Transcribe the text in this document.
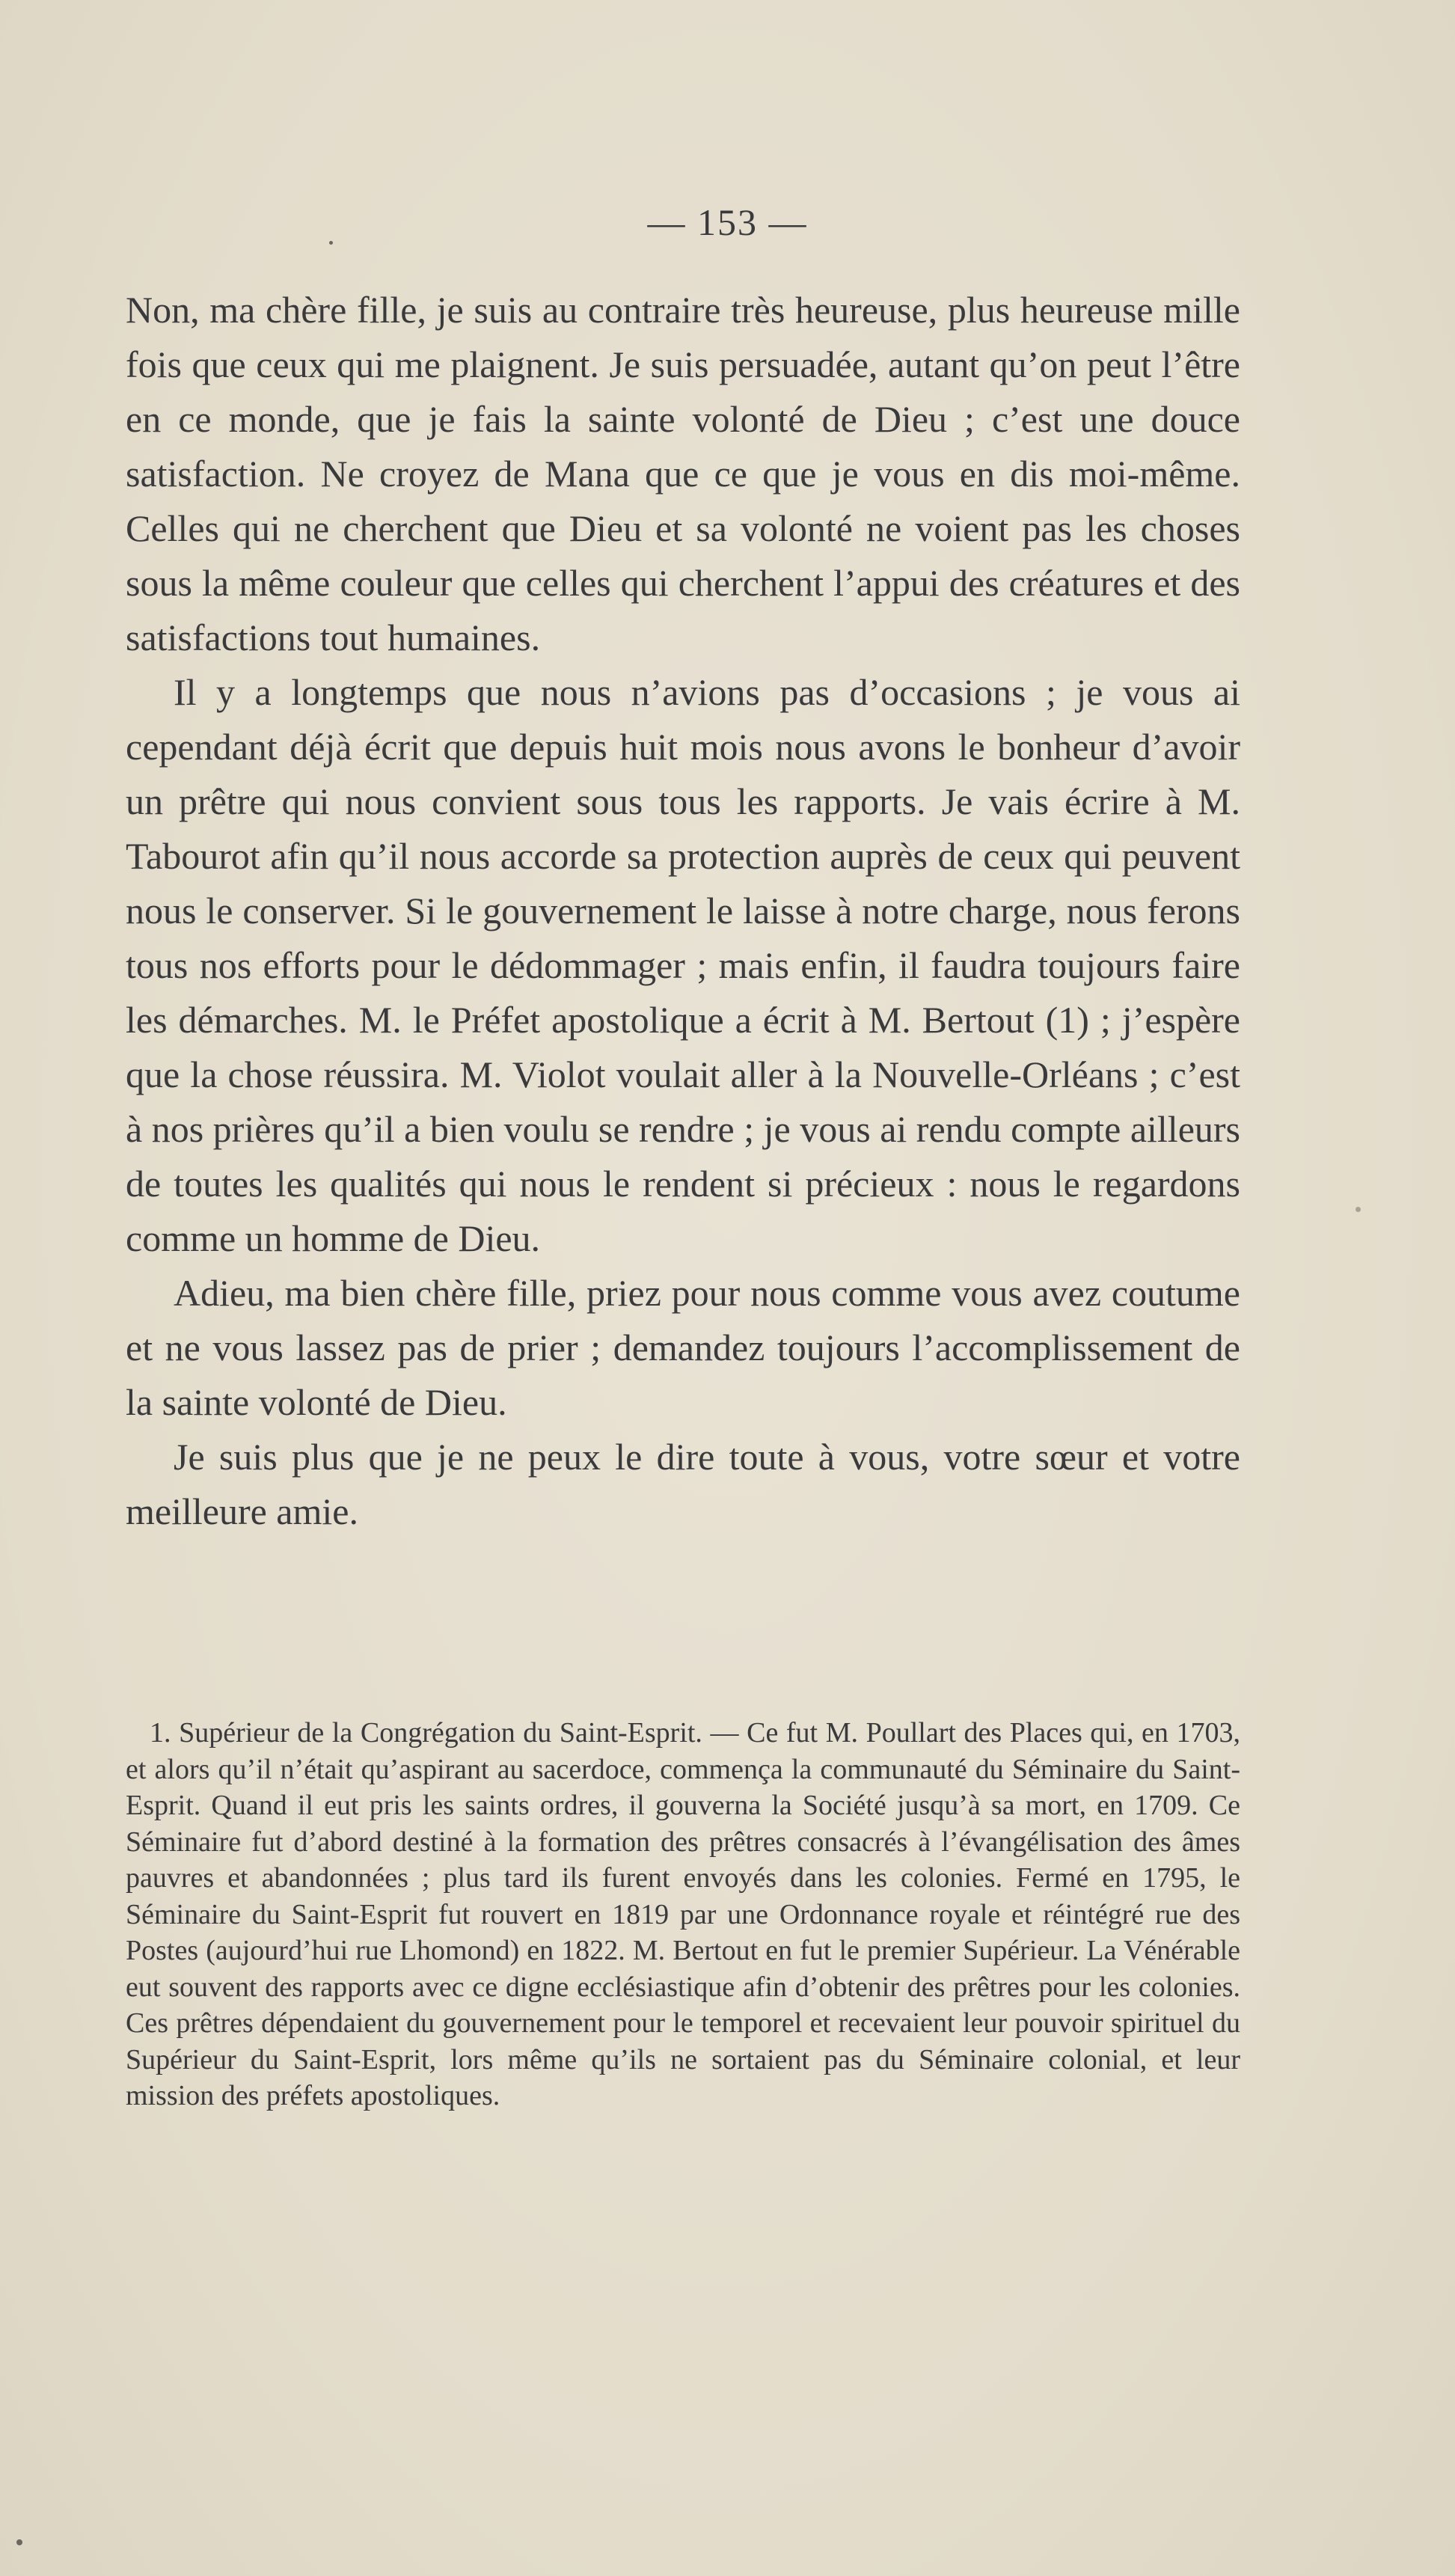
— 153 —

Non, ma chère fille, je suis au contraire très heureuse, plus heureuse mille fois que ceux qui me plaignent. Je suis persuadée, autant qu’on peut l’être en ce monde, que je fais la sainte volonté de Dieu ; c’est une douce satisfaction. Ne croyez de Mana que ce que je vous en dis moi-même. Celles qui ne cherchent que Dieu et sa volonté ne voient pas les choses sous la même couleur que celles qui cherchent l’appui des créatures et des satisfactions tout humaines.

Il y a longtemps que nous n’avions pas d’occasions ; je vous ai cependant déjà écrit que depuis huit mois nous avons le bonheur d’avoir un prêtre qui nous convient sous tous les rapports. Je vais écrire à M. Tabourot afin qu’il nous accorde sa protection auprès de ceux qui peuvent nous le conserver. Si le gouvernement le laisse à notre charge, nous ferons tous nos efforts pour le dédommager ; mais enfin, il faudra toujours faire les démarches. M. le Préfet apostolique a écrit à M. Bertout (1) ; j’espère que la chose réussira. M. Violot voulait aller à la Nouvelle-Orléans ; c’est à nos prières qu’il a bien voulu se rendre ; je vous ai rendu compte ailleurs de toutes les qualités qui nous le rendent si précieux : nous le regardons comme un homme de Dieu.

Adieu, ma bien chère fille, priez pour nous comme vous avez coutume et ne vous lassez pas de prier ; demandez toujours l’accomplissement de la sainte volonté de Dieu.

Je suis plus que je ne peux le dire toute à vous, votre sœur et votre meilleure amie.

1. Supérieur de la Congrégation du Saint-Esprit. — Ce fut M. Poullart des Places qui, en 1703, et alors qu’il n’était qu’aspirant au sacerdoce, commença la communauté du Séminaire du Saint-Esprit. Quand il eut pris les saints ordres, il gouverna la Société jusqu’à sa mort, en 1709. Ce Séminaire fut d’abord destiné à la formation des prêtres consacrés à l’évangélisation des âmes pauvres et abandonnées ; plus tard ils furent envoyés dans les colonies. Fermé en 1795, le Séminaire du Saint-Esprit fut rouvert en 1819 par une Ordonnance royale et réintégré rue des Postes (aujourd’hui rue Lhomond) en 1822. M. Bertout en fut le premier Supérieur. La Vénérable eut souvent des rapports avec ce digne ecclésiastique afin d’obtenir des prêtres pour les colonies. Ces prêtres dépendaient du gouvernement pour le temporel et recevaient leur pouvoir spirituel du Supérieur du Saint-Esprit, lors même qu’ils ne sortaient pas du Séminaire colonial, et leur mission des préfets apostoliques.
